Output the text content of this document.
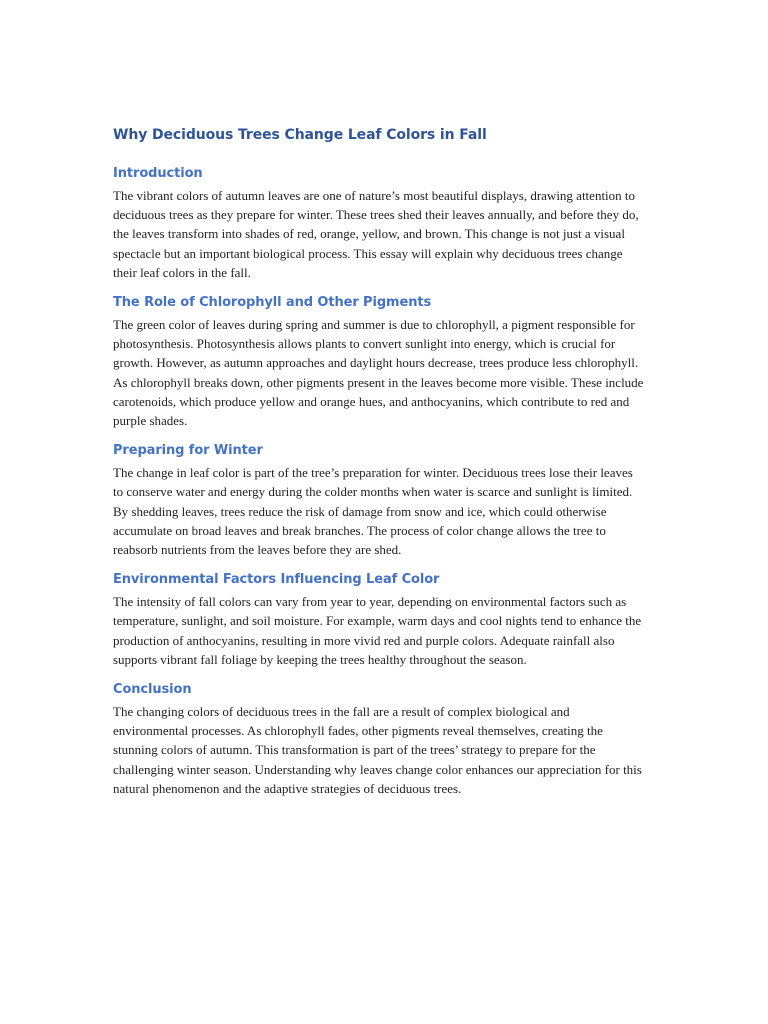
Why Deciduous Trees Change Leaf Colors in Fall
Introduction

The vibrant colors of autumn leaves are one of nature’s most beautiful displays, drawing attention to deciduous trees as they prepare for winter. These trees shed their leaves annually, and before they do, the leaves transform into shades of red, orange, yellow, and brown. This change is not just a visual spectacle but an important biological process. This essay will explain why deciduous trees change their leaf colors in the fall.

The Role of Chlorophyll and Other Pigments

The green color of leaves during spring and summer is due to chlorophyll, a pigment responsible for photosynthesis. Photosynthesis allows plants to convert sunlight into energy, which is crucial for growth. However, as autumn approaches and daylight hours decrease, trees produce less chlorophyll. As chlorophyll breaks down, other pigments present in the leaves become more visible. These include carotenoids, which produce yellow and orange hues, and anthocyanins, which contribute to red and purple shades.

Preparing for Winter

The change in leaf color is part of the tree’s preparation for winter. Deciduous trees lose their leaves to conserve water and energy during the colder months when water is scarce and sunlight is limited. By shedding leaves, trees reduce the risk of damage from snow and ice, which could otherwise accumulate on broad leaves and break branches. The process of color change allows the tree to reabsorb nutrients from the leaves before they are shed.

Environmental Factors Influencing Leaf Color

The intensity of fall colors can vary from year to year, depending on environmental factors such as temperature, sunlight, and soil moisture. For example, warm days and cool nights tend to enhance the production of anthocyanins, resulting in more vivid red and purple colors. Adequate rainfall also supports vibrant fall foliage by keeping the trees healthy throughout the season.

Conclusion

The changing colors of deciduous trees in the fall are a result of complex biological and environmental processes. As chlorophyll fades, other pigments reveal themselves, creating the stunning colors of autumn. This transformation is part of the trees’ strategy to prepare for the challenging winter season. Understanding why leaves change color enhances our appreciation for this natural phenomenon and the adaptive strategies of deciduous trees.
